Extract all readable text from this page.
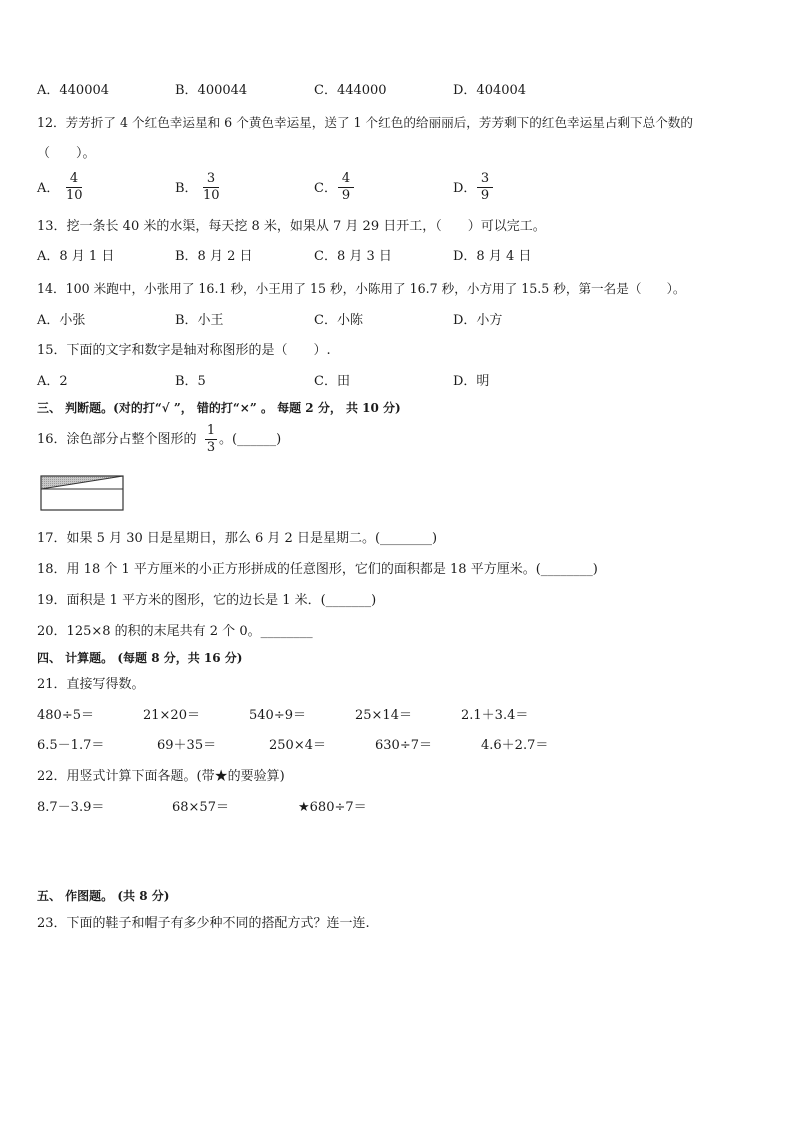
A．440004	B．400044	C．444000	D．404004
12．芳芳折了 4 个红色幸运星和 6 个黄色幸运星，送了 1 个红色的给丽丽后，芳芳剩下的红色幸运星占剩下总个数的
（　　）。
A．
4
10	B．
3
10	C．
4
9	D．
3
9
13．挖一条长 40 米的水渠，每天挖 8 米，如果从 7 月 29 日开工，（　　）可以完工。
A．8 月 1 日	B．8 月 2 日	C．8 月 3 日	D．8 月 4 日
14．100 米跑中，小张用了 16.1 秒，小王用了 15 秒，小陈用了 16.7 秒，小方用了 15.5 秒，第一名是（　　）。
A．小张	B．小王	C．小陈	D．小方
15．下面的文字和数字是轴对称图形的是（　　）.
A．2	B．5	C．田	D．明
三、 判断题。(对的打“√ ”， 错的打“×” 。 每题 2 分， 共 10 分)
16．涂色部分占整个图形的
1
3
。(______)
17．如果 5 月 30 日是星期日，那么 6 月 2 日是星期二。(________)
18．用 18 个 1 平方厘米的小正方形拼成的任意图形，它们的面积都是 18 平方厘米。(________)
19．面积是 1 平方米的图形，它的边长是 1 米．(_______)
20．125×8 的积的末尾共有 2 个 0。________
四、 计算题。 (每题 8 分，共 16 分)
21．直接写得数。
480÷5＝	21×20＝	540÷9＝	25×14＝	2.1＋3.4＝
6.5－1.7＝	69＋35＝	250×4＝	630÷7＝	4.6＋2.7＝
22．用竖式计算下面各题。(带★的要验算)
8.7－3.9＝	68×57＝	★680÷7＝
五、 作图题。 (共 8 分)
23．下面的鞋子和帽子有多少种不同的搭配方式？连一连.
